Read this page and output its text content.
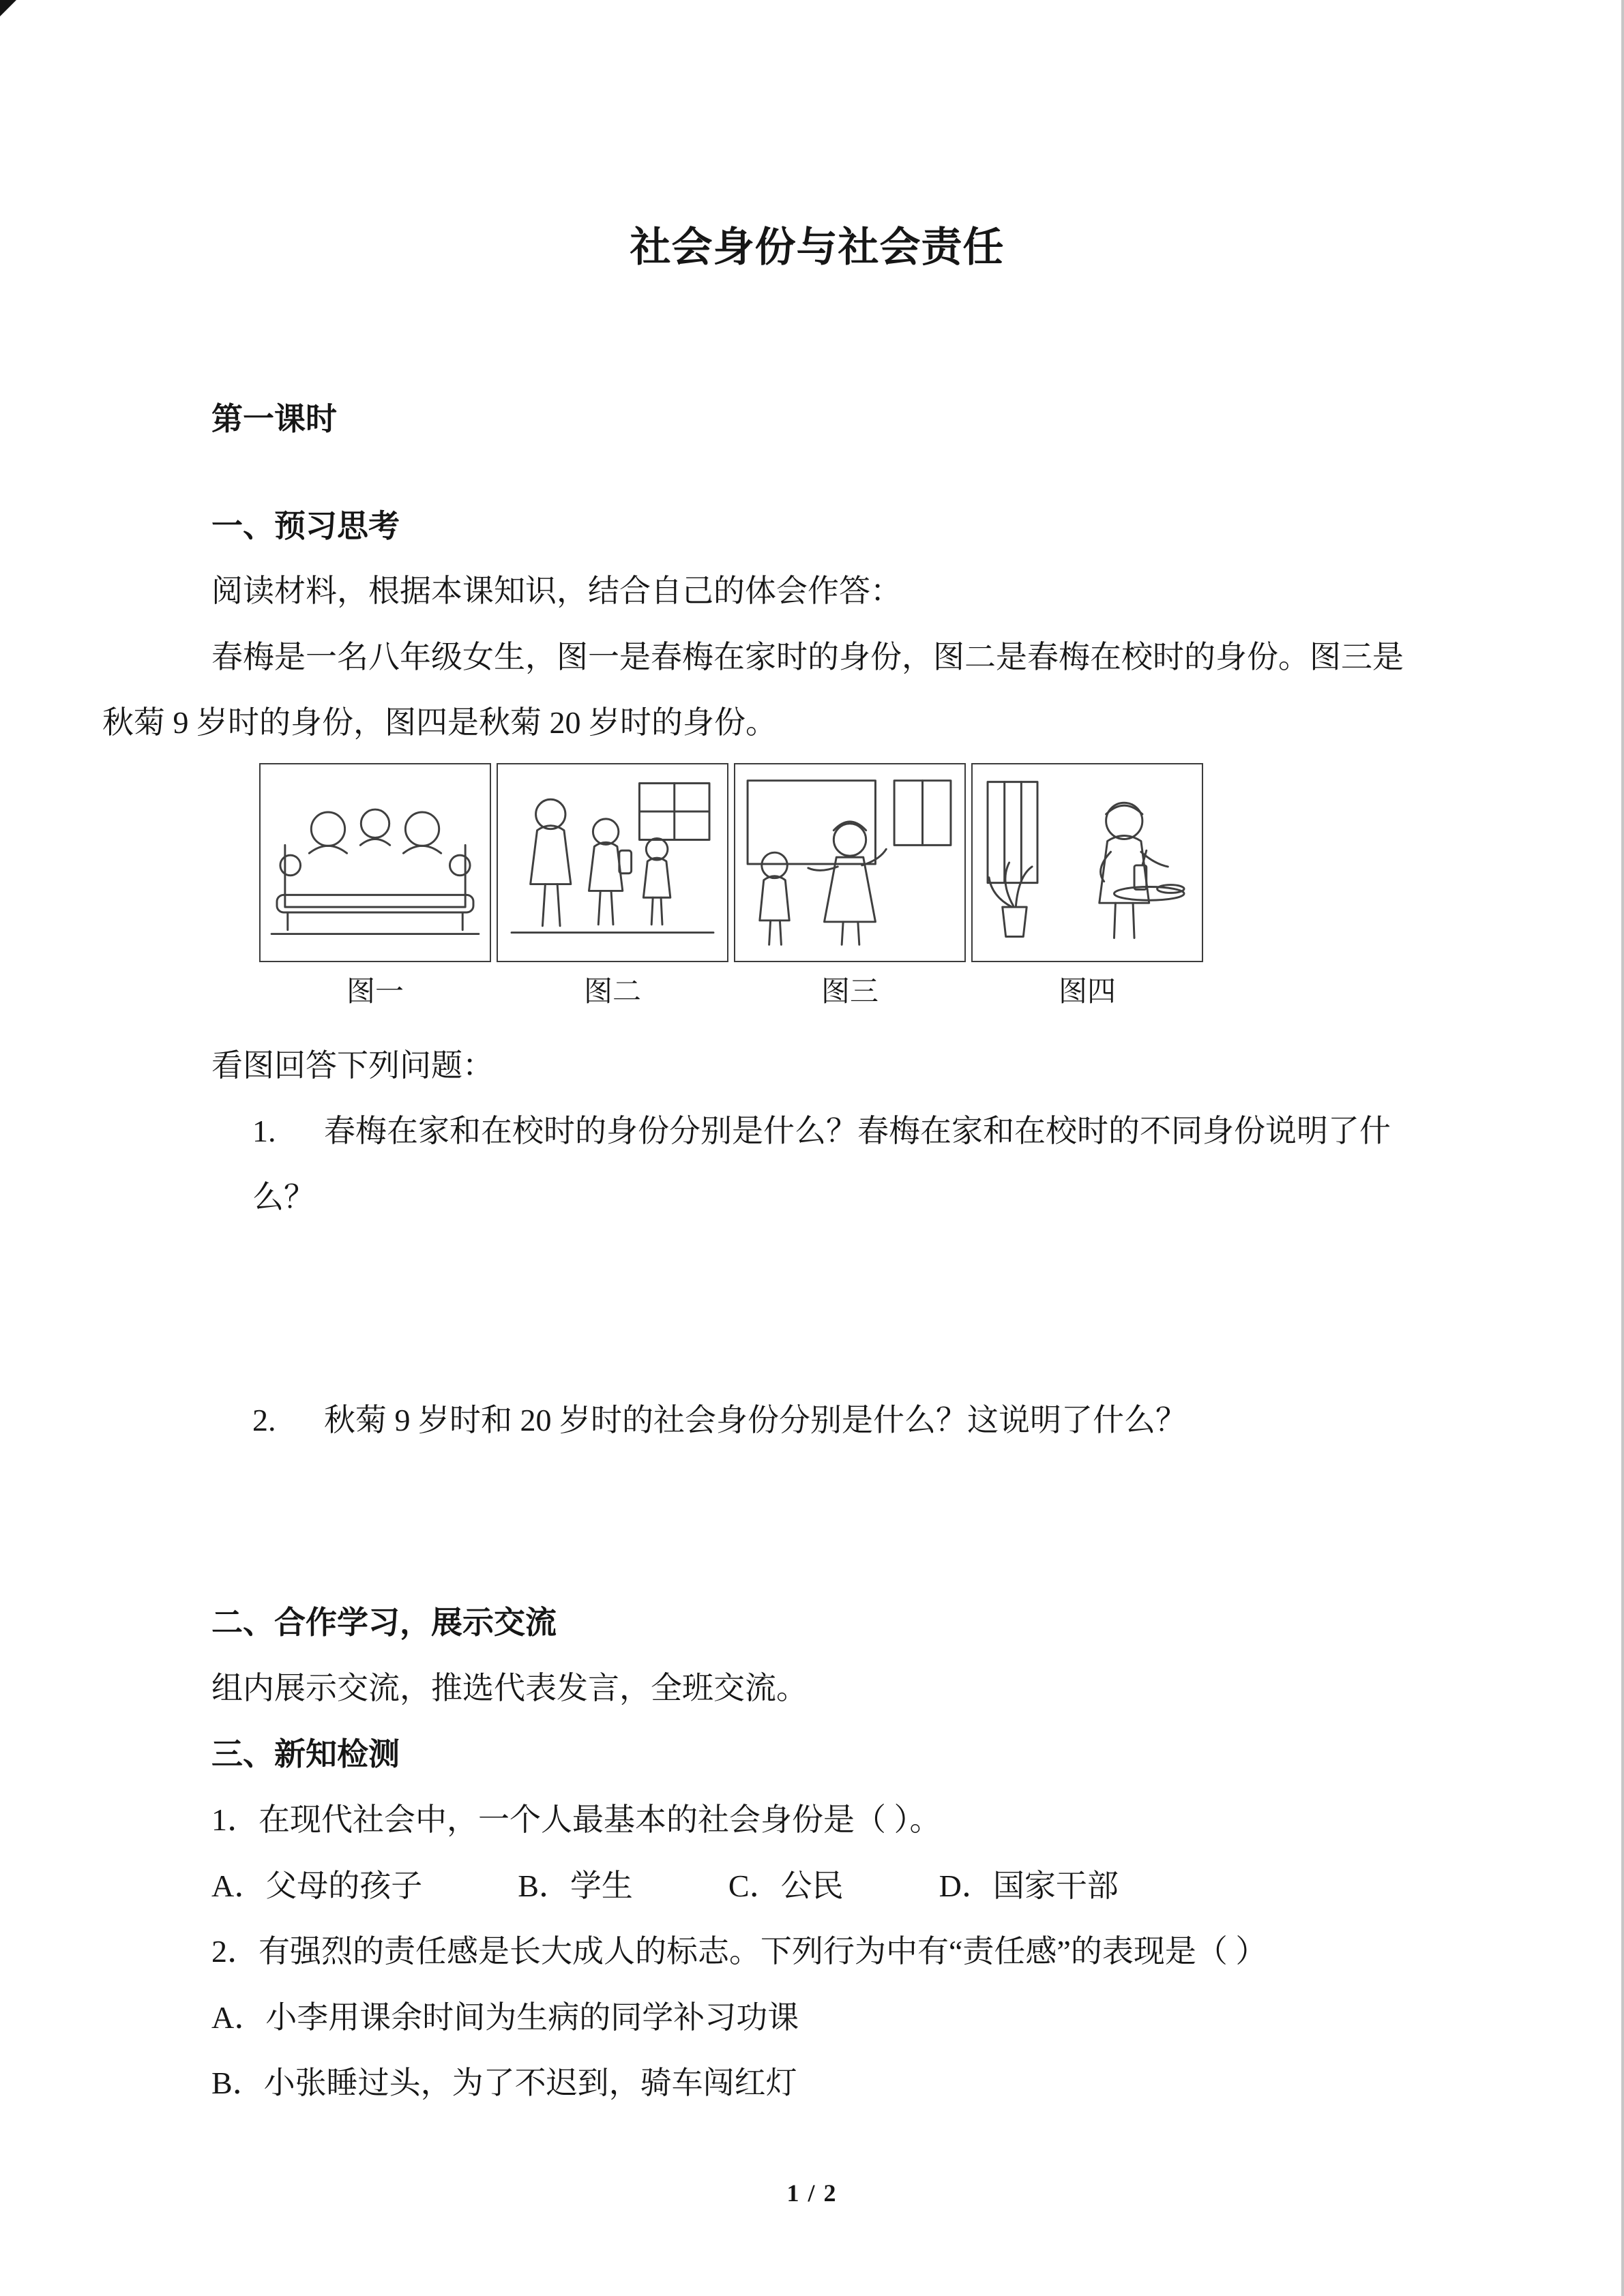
社会身份与社会责任
第一课时
一、预习思考

阅读材料，根据本课知识，结合自己的体会作答：

春梅是一名八年级女生，图一是春梅在家时的身份，图二是春梅在校时的身份。图三是秋菊 9 岁时的身份，图四是秋菊 20 岁时的身份。

图一	图二	图三	图四

看图回答下列问题：

1. 春梅在家和在校时的身份分别是什么？春梅在家和在校时的不同身份说明了什么？
2. 秋菊 9 岁时和 20 岁时的社会身份分别是什么？这说明了什么？
二、合作学习，展示交流

组内展示交流，推选代表发言，全班交流。

三、新知检测

1．在现代社会中，一个人最基本的社会身份是（ ）。

A．父母的孩子	B．学生	C．公民	D．国家干部

2．有强烈的责任感是长大成人的标志。下列行为中有“责任感”的表现是（ ）

A．小李用课余时间为生病的同学补习功课

B．小张睡过头，为了不迟到，骑车闯红灯

1 / 2
